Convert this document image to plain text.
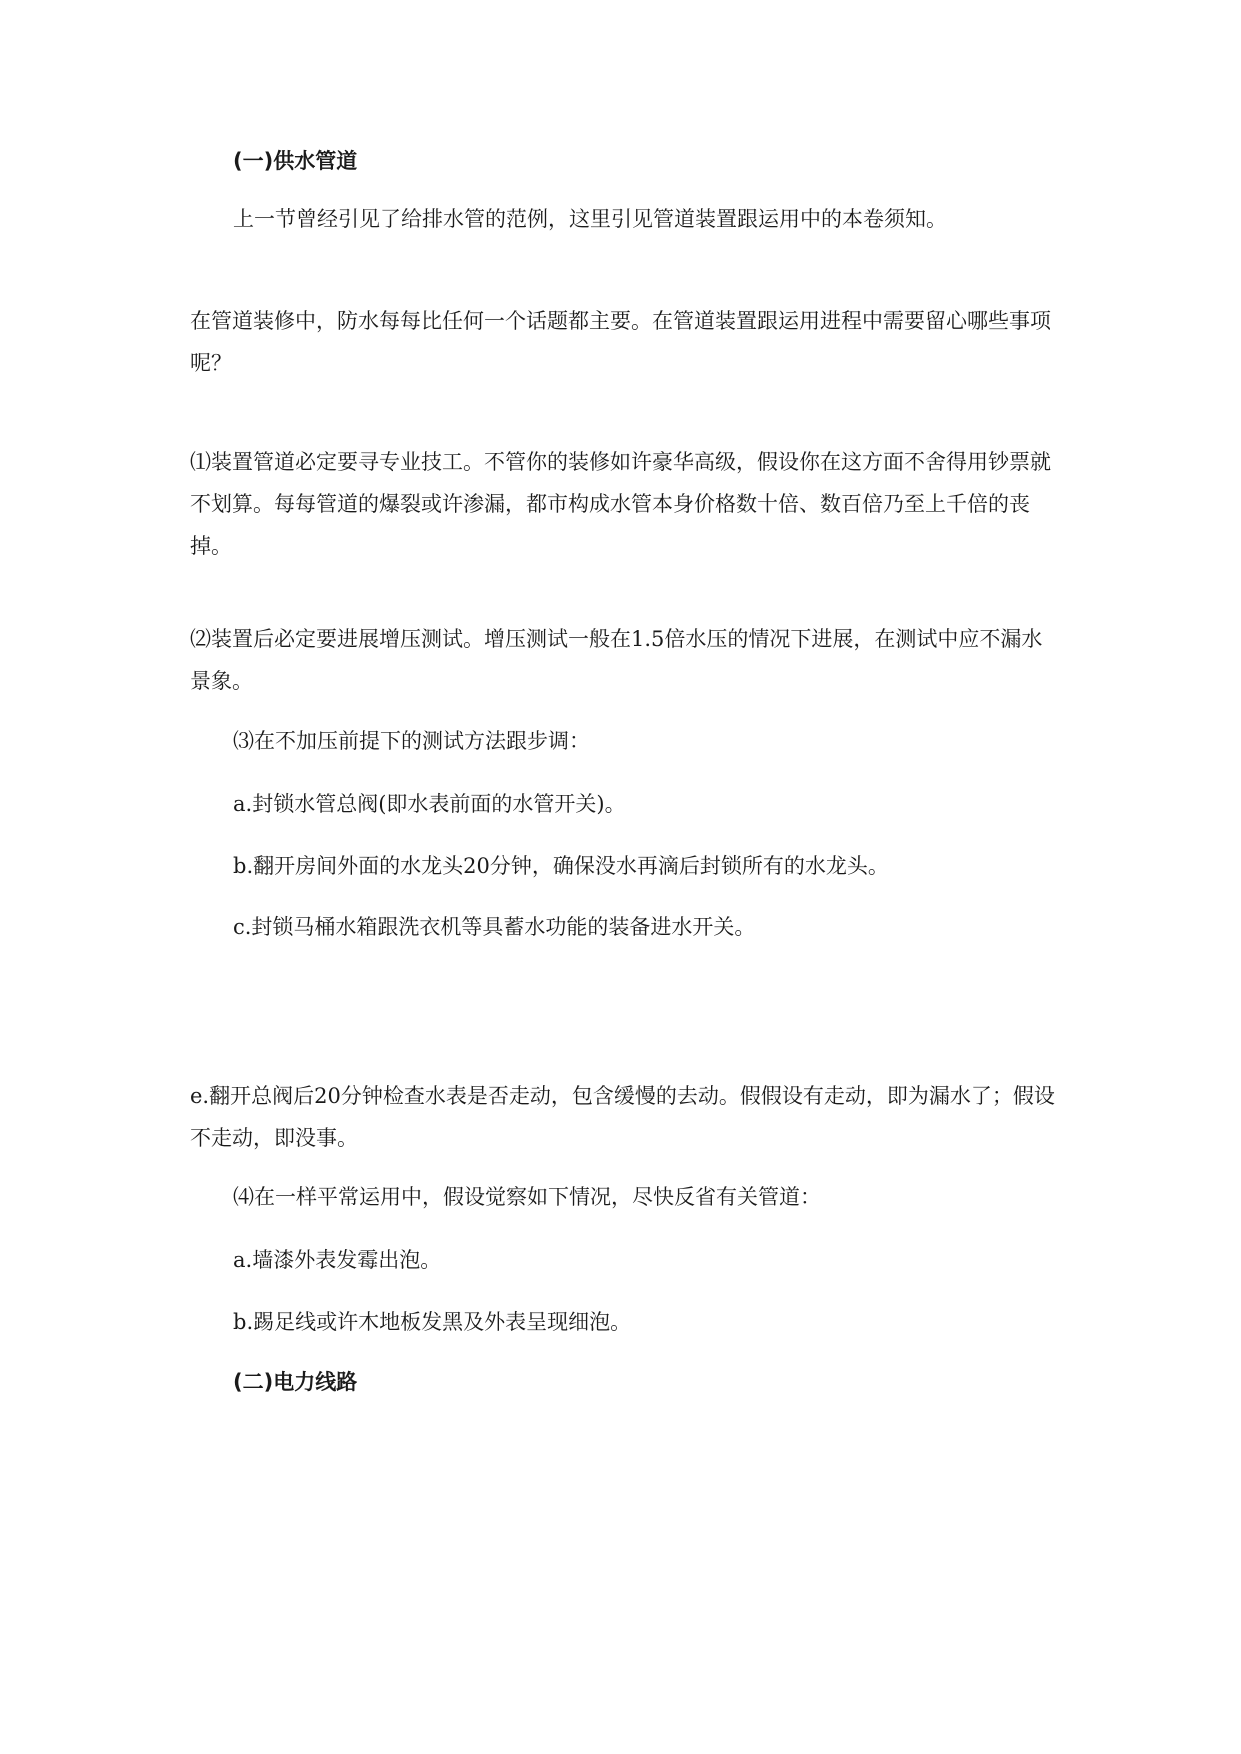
(一)供水管道

上一节曾经引见了给排水管的范例，这里引见管道装置跟运用中的本卷须知。

在管道装修中，防水每每比任何一个话题都主要。在管道装置跟运用进程中需要留心哪些事项呢？

⑴装置管道必定要寻专业技工。不管你的装修如许豪华高级，假设你在这方面不舍得用钞票就不划算。每每管道的爆裂或许渗漏，都市构成水管本身价格数十倍、数百倍乃至上千倍的丧掉。

⑵装置后必定要进展增压测试。增压测试一般在1.5倍水压的情况下进展，在测试中应不漏水景象。

⑶在不加压前提下的测试方法跟步调：

a.封锁水管总阀(即水表前面的水管开关)。

b.翻开房间外面的水龙头20分钟，确保没水再滴后封锁所有的水龙头。

c.封锁马桶水箱跟洗衣机等具蓄水功能的装备进水开关。

e.翻开总阀后20分钟检查水表是否走动，包含缓慢的去动。假假设有走动，即为漏水了；假设不走动，即没事。

⑷在一样平常运用中，假设觉察如下情况，尽快反省有关管道：

a.墙漆外表发霉出泡。

b.踢足线或许木地板发黑及外表呈现细泡。

(二)电力线路
